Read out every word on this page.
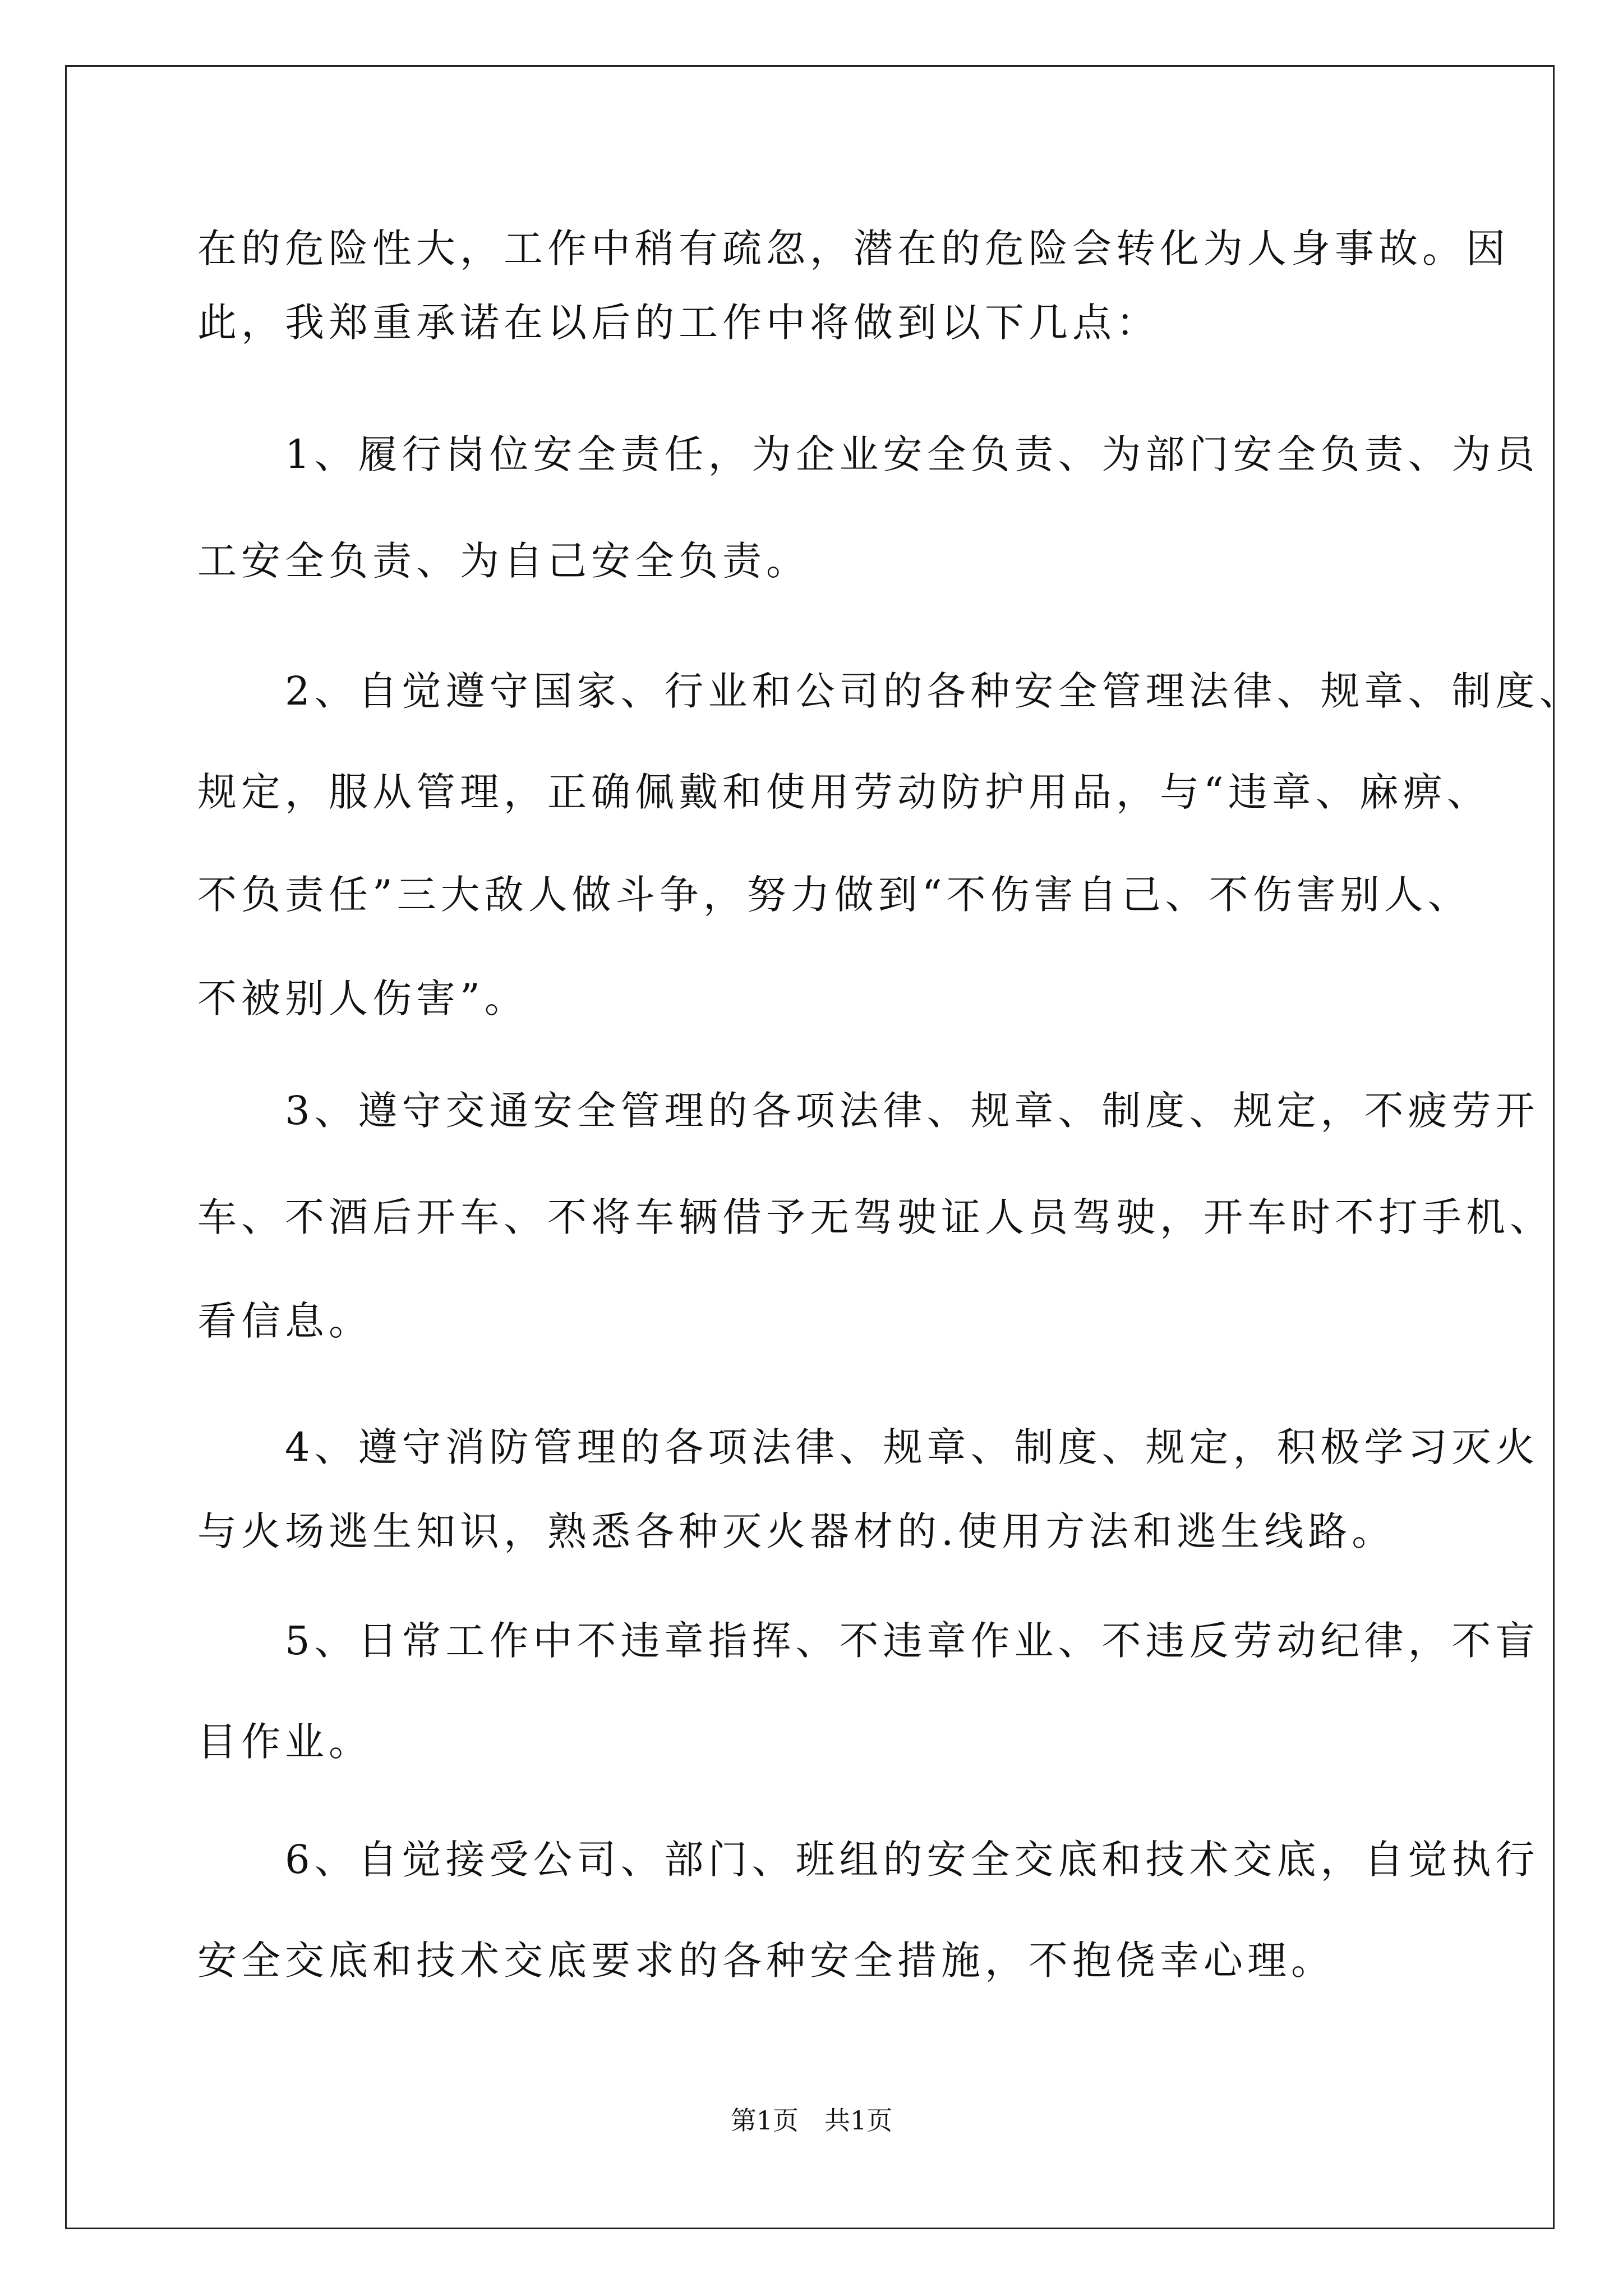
在的危险性大，工作中稍有疏忽，潜在的危险会转化为人身事故。因
此，我郑重承诺在以后的工作中将做到以下几点：
　　1、履行岗位安全责任，为企业安全负责、为部门安全负责、为员
工安全负责、为自己安全负责。
　　2、自觉遵守国家、行业和公司的各种安全管理法律、规章、制度、
规定，服从管理，正确佩戴和使用劳动防护用品，与“违章、麻痹、
不负责任”三大敌人做斗争，努力做到“不伤害自己、不伤害别人、
不被别人伤害”。
　　3、遵守交通安全管理的各项法律、规章、制度、规定，不疲劳开
车、不酒后开车、不将车辆借予无驾驶证人员驾驶，开车时不打手机、
看信息。
　　4、遵守消防管理的各项法律、规章、制度、规定，积极学习灭火
与火场逃生知识，熟悉各种灭火器材的.使用方法和逃生线路。
　　5、日常工作中不违章指挥、不违章作业、不违反劳动纪律，不盲
目作业。
　　6、自觉接受公司、部门、班组的安全交底和技术交底，自觉执行
安全交底和技术交底要求的各种安全措施，不抱侥幸心理。
第1页　共1页
